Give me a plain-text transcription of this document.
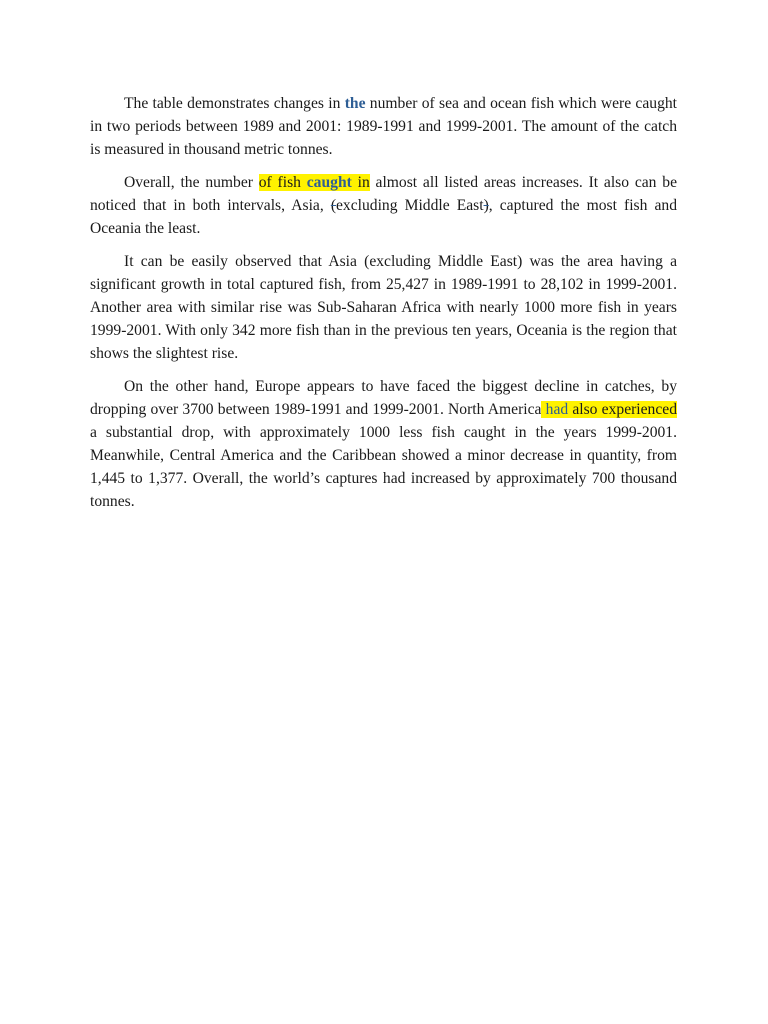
The table demonstrates changes in the number of sea and ocean fish which were caught in two periods between 1989 and 2001: 1989-1991 and 1999-2001. The amount of the catch is measured in thousand metric tonnes.

Overall, the number of fish caught in almost all listed areas increases. It also can be noticed that in both intervals, Asia, (excluding Middle East), captured the most fish and Oceania the least.

It can be easily observed that Asia (excluding Middle East) was the area having a significant growth in total captured fish, from 25,427 in 1989-1991 to 28,102 in 1999-2001. Another area with similar rise was Sub-Saharan Africa with nearly 1000 more fish in years 1999-2001. With only 342 more fish than in the previous ten years, Oceania is the region that shows the slightest rise.

On the other hand, Europe appears to have faced the biggest decline in catches, by dropping over 3700 between 1989-1991 and 1999-2001. North America had also experienced a substantial drop, with approximately 1000 less fish caught in the years 1999-2001. Meanwhile, Central America and the Caribbean showed a minor decrease in quantity, from 1,445 to 1,377. Overall, the world’s captures had increased by approximately 700 thousand tonnes.
